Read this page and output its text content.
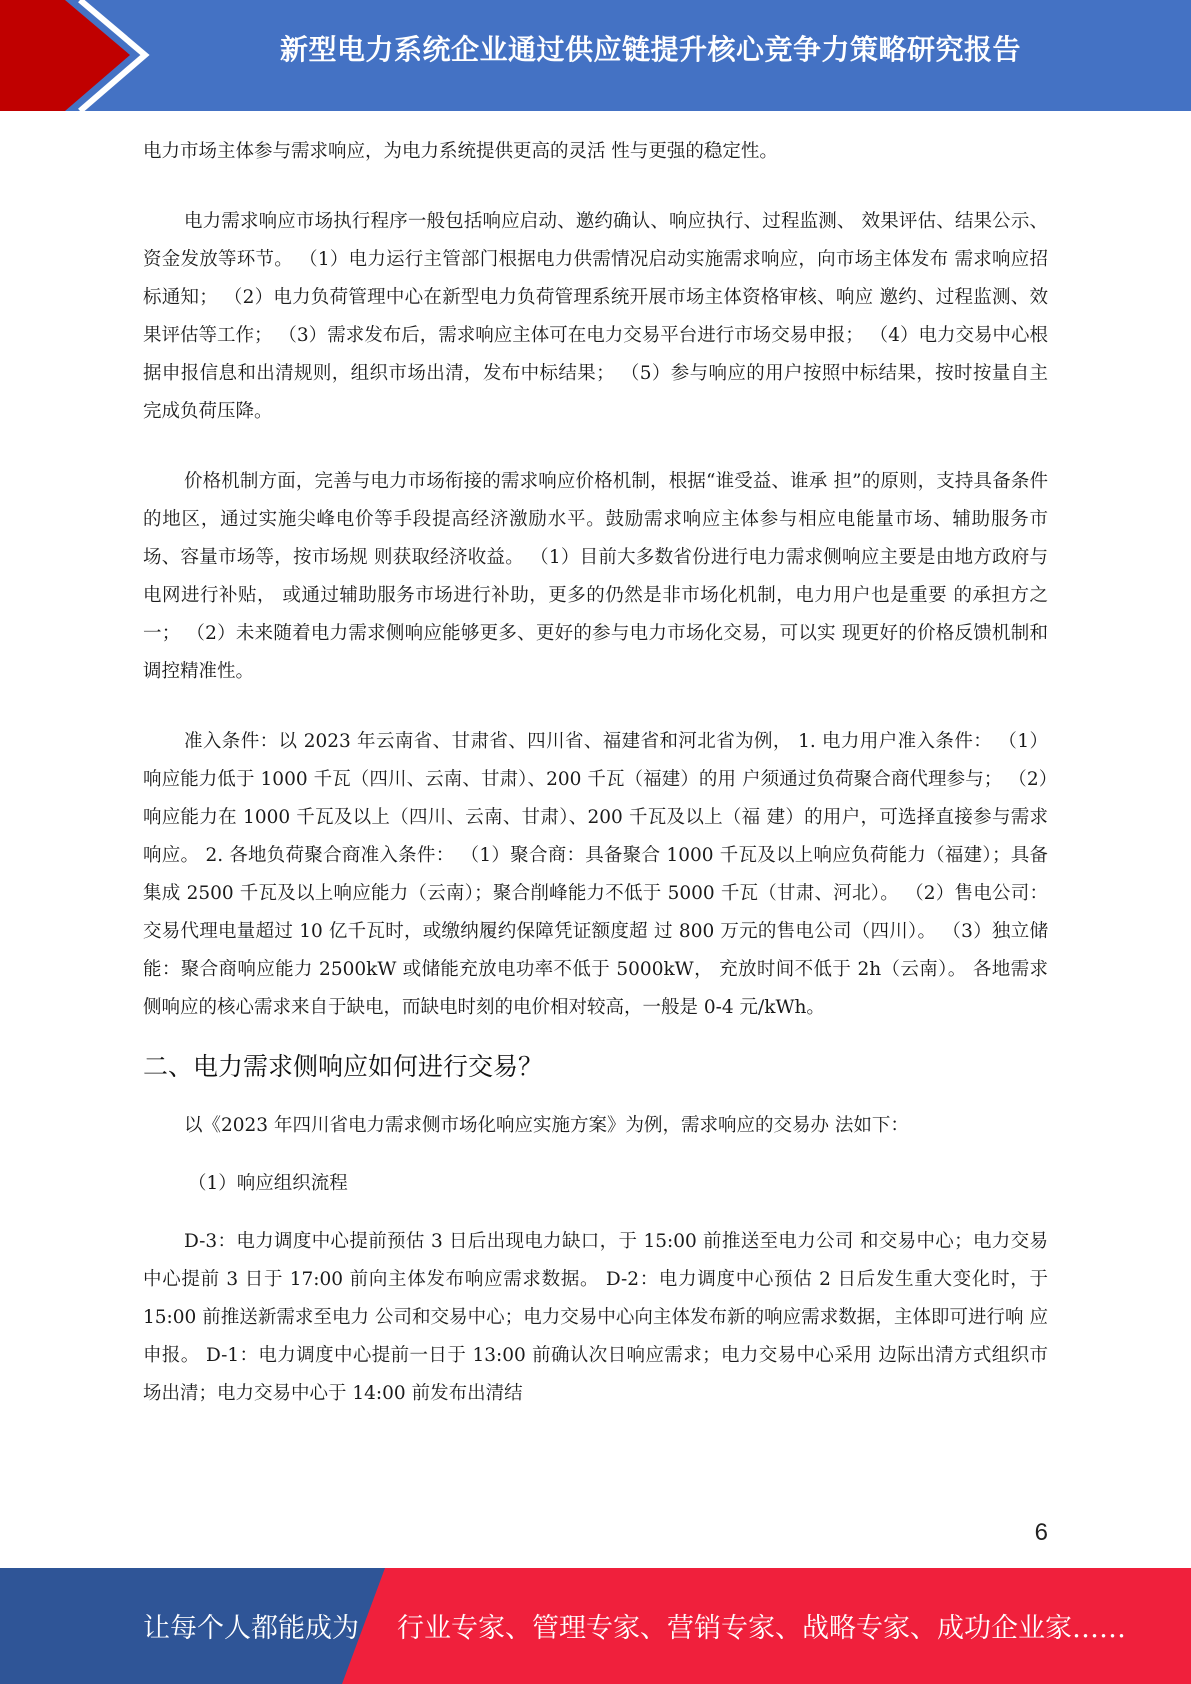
新型电力系统企业通过供应链提升核心竞争力策略研究报告

电力市场主体参与需求响应，为电力系统提供更高的灵活 性与更强的稳定性。

电力需求响应市场执行程序一般包括响应启动、邀约确认、响应执行、过程监测、 效果评估、结果公示、资金发放等环节。 （1）电力运行主管部门根据电力供需情况启动实施需求响应，向市场主体发布 需求响应招标通知； （2）电力负荷管理中心在新型电力负荷管理系统开展市场主体资格审核、响应 邀约、过程监测、效果评估等工作； （3）需求发布后，需求响应主体可在电力交易平台进行市场交易申报； （4）电力交易中心根据申报信息和出清规则，组织市场出清，发布中标结果； （5）参与响应的用户按照中标结果，按时按量自主完成负荷压降。

价格机制方面，完善与电力市场衔接的需求响应价格机制，根据“谁受益、谁承 担”的原则，支持具备条件的地区，通过实施尖峰电价等手段提高经济激励水平。鼓励需求响应主体参与相应电能量市场、辅助服务市场、容量市场等，按市场规 则获取经济收益。 （1）目前大多数省份进行电力需求侧响应主要是由地方政府与电网进行补贴， 或通过辅助服务市场进行补助，更多的仍然是非市场化机制，电力用户也是重要 的承担方之一； （2）未来随着电力需求侧响应能够更多、更好的参与电力市场化交易，可以实 现更好的价格反馈机制和调控精准性。

准入条件：以 2023 年云南省、甘肃省、四川省、福建省和河北省为例， 1. 电力用户准入条件： （1）响应能力低于 1000 千瓦（四川、云南、甘肃）、200 千瓦（福建）的用 户须通过负荷聚合商代理参与； （2）响应能力在 1000 千瓦及以上（四川、云南、甘肃）、200 千瓦及以上（福 建）的用户，可选择直接参与需求响应。 2. 各地负荷聚合商准入条件： （1）聚合商：具备聚合 1000 千瓦及以上响应负荷能力（福建）；具备集成 2500 千瓦及以上响应能力（云南）；聚合削峰能力不低于 5000 千瓦（甘肃、河北）。 （2）售电公司：交易代理电量超过 10 亿千瓦时，或缴纳履约保障凭证额度超 过 800 万元的售电公司（四川）。 （3）独立储能：聚合商响应能力 2500kW 或储能充放电功率不低于 5000kW， 充放时间不低于 2h（云南）。 各地需求侧响应的核心需求来自于缺电，而缺电时刻的电价相对较高，一般是 0-4 元/kWh。

二、电力需求侧响应如何进行交易？

以《2023 年四川省电力需求侧市场化响应实施方案》为例，需求响应的交易办 法如下：

（1）响应组织流程

D-3：电力调度中心提前预估 3 日后出现电力缺口，于 15:00 前推送至电力公司 和交易中心；电力交易中心提前 3 日于 17:00 前向主体发布响应需求数据。 D-2：电力调度中心预估 2 日后发生重大变化时，于 15:00 前推送新需求至电力 公司和交易中心；电力交易中心向主体发布新的响应需求数据，主体即可进行响 应申报。 D-1：电力调度中心提前一日于 13:00 前确认次日响应需求；电力交易中心采用 边际出清方式组织市场出清；电力交易中心于 14:00 前发布出清结

6
让每个人都能成为 行业专家、管理专家、营销专家、战略专家、成功企业家……
